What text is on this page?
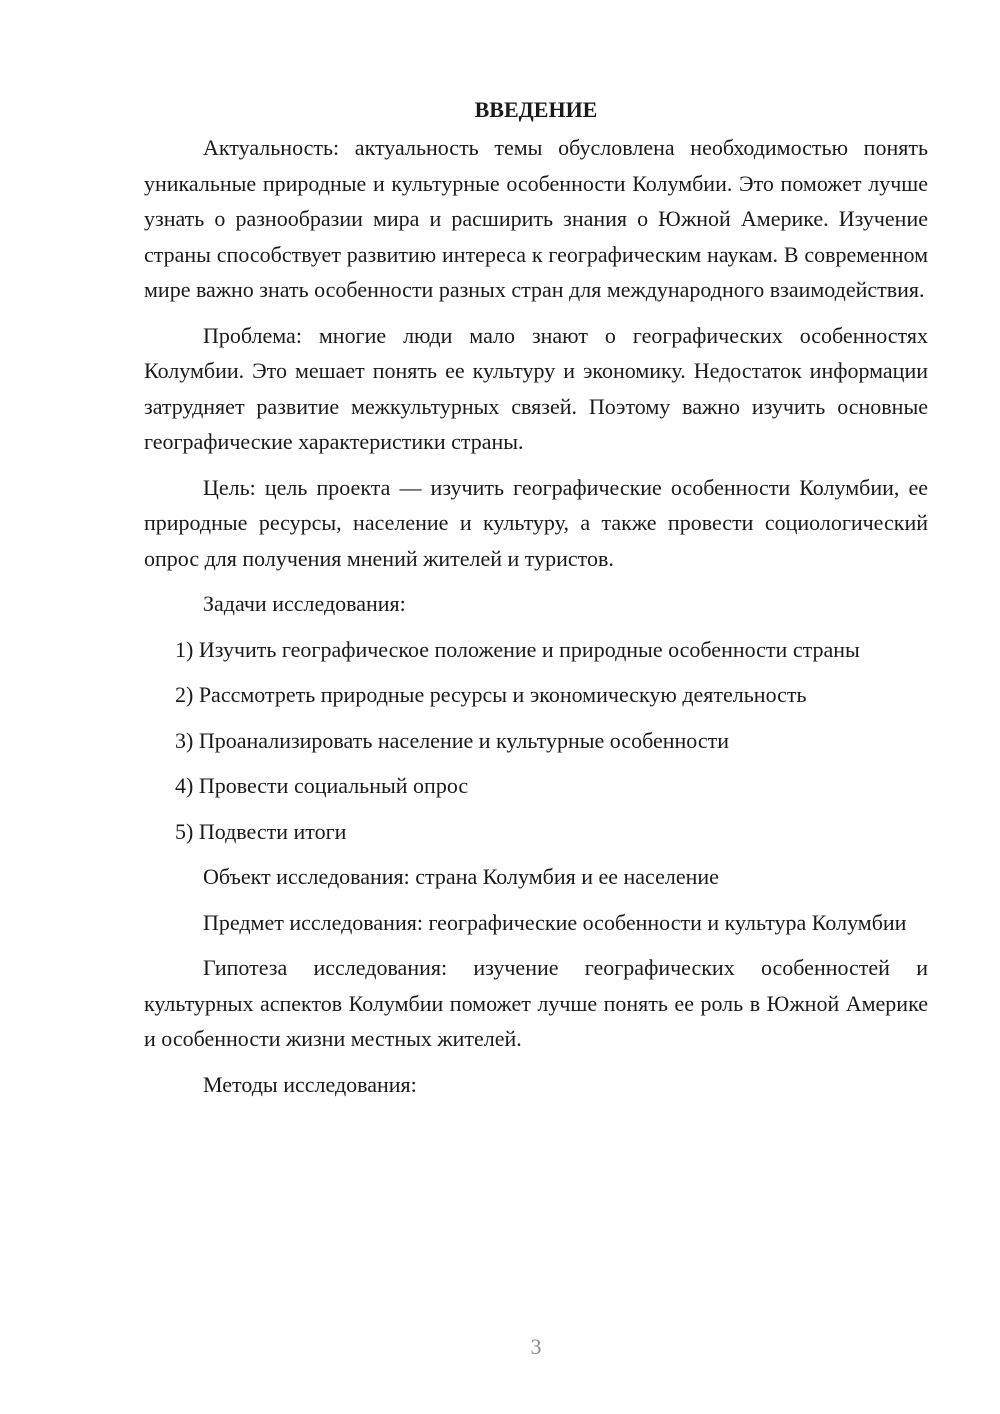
ВВЕДЕНИЕ

Актуальность: актуальность темы обусловлена необходимостью понять уникальные природные и культурные особенности Колумбии. Это поможет лучше узнать о разнообразии мира и расширить знания о Южной Америке. Изучение страны способствует развитию интереса к географическим наукам. В современном мире важно знать особенности разных стран для международного взаимодействия.

Проблема: многие люди мало знают о географических особенностях Колумбии. Это мешает понять ее культуру и экономику. Недостаток информации затрудняет развитие межкультурных связей. Поэтому важно изучить основные географические характеристики страны.

Цель: цель проекта — изучить географические особенности Колумбии, ее природные ресурсы, население и культуру, а также провести социологический опрос для получения мнений жителей и туристов.

Задачи исследования:

1) Изучить географическое положение и природные особенности страны

2) Рассмотреть природные ресурсы и экономическую деятельность

3) Проанализировать население и культурные особенности

4) Провести социальный опрос

5) Подвести итоги

Объект исследования: страна Колумбия и ее население

Предмет исследования: географические особенности и культура Колумбии

Гипотеза исследования: изучение географических особенностей и культурных аспектов Колумбии поможет лучше понять ее роль в Южной Америке и особенности жизни местных жителей.

Методы исследования:

3
